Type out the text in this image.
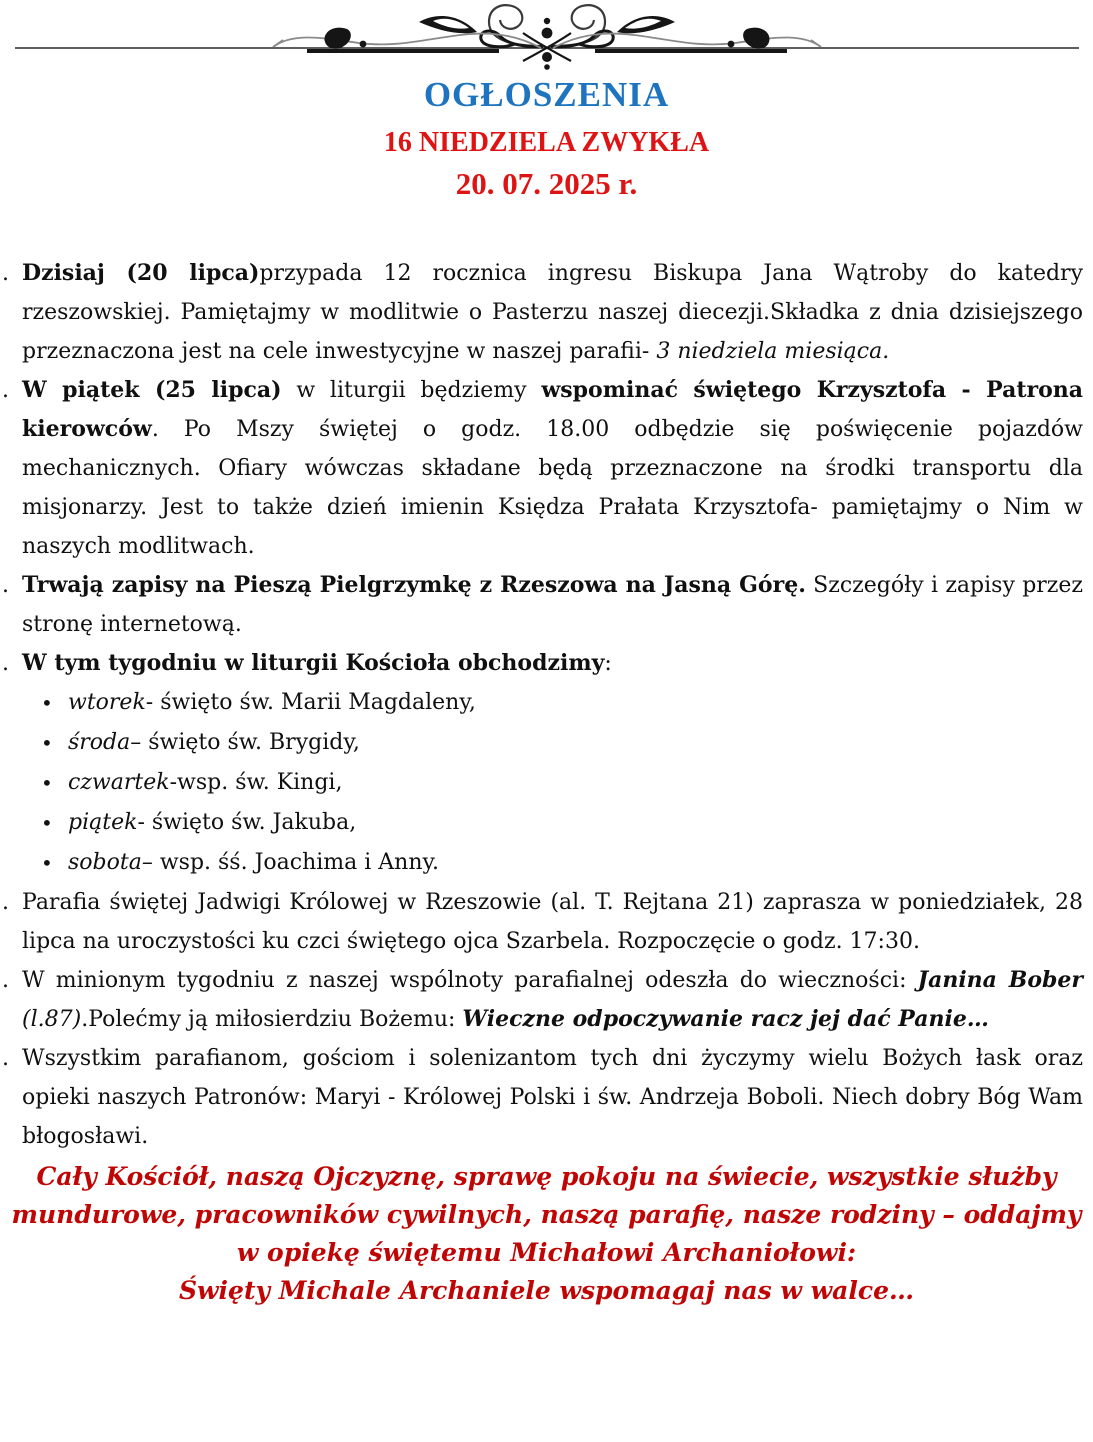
OGŁOSZENIA
16 NIEDZIELA ZWYKŁA
20. 07. 2025 r.
. Dzisiaj (20 lipca)przypada 12 rocznica ingresu Biskupa Jana Wątroby do katedry rzeszowskiej. Pamiętajmy w modlitwie o Pasterzu naszej diecezji.Składka z dnia dzisiejszego przeznaczona jest na cele inwestycyjne w naszej parafii- 3 niedziela miesiąca.
. W piątek (25 lipca) w liturgii będziemy wspominać świętego Krzysztofa - Patrona kierowców. Po Mszy świętej o godz. 18.00 odbędzie się poświęcenie pojazdów mechanicznych. Ofiary wówczas składane będą przeznaczone na środki transportu dla misjonarzy. Jest to także dzień imienin Księdza Prałata Krzysztofa- pamiętajmy o Nim w naszych modlitwach.
. Trwają zapisy na Pieszą Pielgrzymkę z Rzeszowa na Jasną Górę. Szczegóły i zapisy przez stronę internetową.
. W tym tygodniu w liturgii Kościoła obchodzimy:
• wtorek- święto św. Marii Magdaleny,
• środa– święto św. Brygidy,
• czwartek-wsp. św. Kingi,
• piątek- święto św. Jakuba,
• sobota– wsp. śś. Joachima i Anny.
. Parafia świętej Jadwigi Królowej w Rzeszowie (al. T. Rejtana 21) zaprasza w poniedziałek, 28 lipca na uroczystości ku czci świętego ojca Szarbela. Rozpoczęcie o godz. 17:30.
. W minionym tygodniu z naszej wspólnoty parafialnej odeszła do wieczności: Janina Bober (l.87).Polećmy ją miłosierdziu Bożemu: Wieczne odpoczywanie racz jej dać Panie…
. Wszystkim parafianom, gościom i solenizantom tych dni życzymy wielu Bożych łask oraz opieki naszych Patronów: Maryi - Królowej Polski i św. Andrzeja Boboli. Niech dobry Bóg Wam błogosławi.

Cały Kościół, naszą Ojczyznę, sprawę pokoju na świecie, wszystkie służby mundurowe, pracowników cywilnych, naszą parafię, nasze rodziny – oddajmy w opiekę świętemu Michałowi Archaniołowi:

Święty Michale Archaniele wspomagaj nas w walce…
